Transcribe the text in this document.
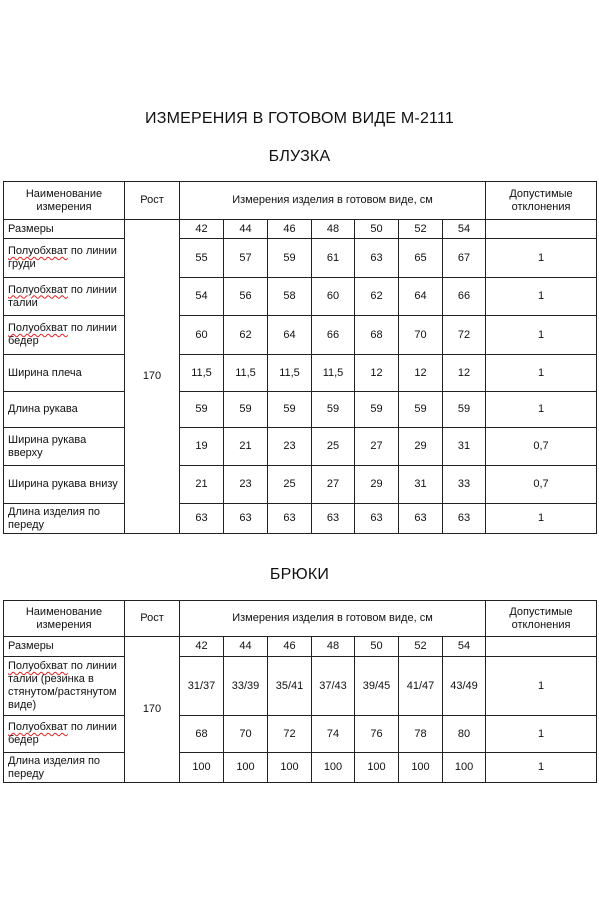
ИЗМЕРЕНИЯ В ГОТОВОМ ВИДЕ М-2111
БЛУЗКА
Наименование измерения	Рост	Измерения изделия в готовом виде, см							Допустимые отклонения
Размеры	170	42	44	46	48	50	52	54	
Полуобхват по линии груди		55	57	59	61	63	65	67	1
Полуобхват по линии талии		54	56	58	60	62	64	66	1
Полуобхват по линии бедер		60	62	64	66	68	70	72	1
Ширина плеча		11,5	11,5	11,5	11,5	12	12	12	1
Длина рукава		59	59	59	59	59	59	59	1
Ширина рукава вверху		19	21	23	25	27	29	31	0,7
Ширина рукава внизу		21	23	25	27	29	31	33	0,7
Длина изделия по переду		63	63	63	63	63	63	63	1
БРЮКИ
Наименование измерения	Рост	Измерения изделия в готовом виде, см							Допустимые отклонения
Размеры	170	42	44	46	48	50	52	54	
Полуобхват по линии талии (резинка в стянутом/растянутом виде)		31/37	33/39	35/41	37/43	39/45	41/47	43/49	1
Полуобхват по линии бедер		68	70	72	74	76	78	80	1
Длина изделия по переду		100	100	100	100	100	100	100	1
